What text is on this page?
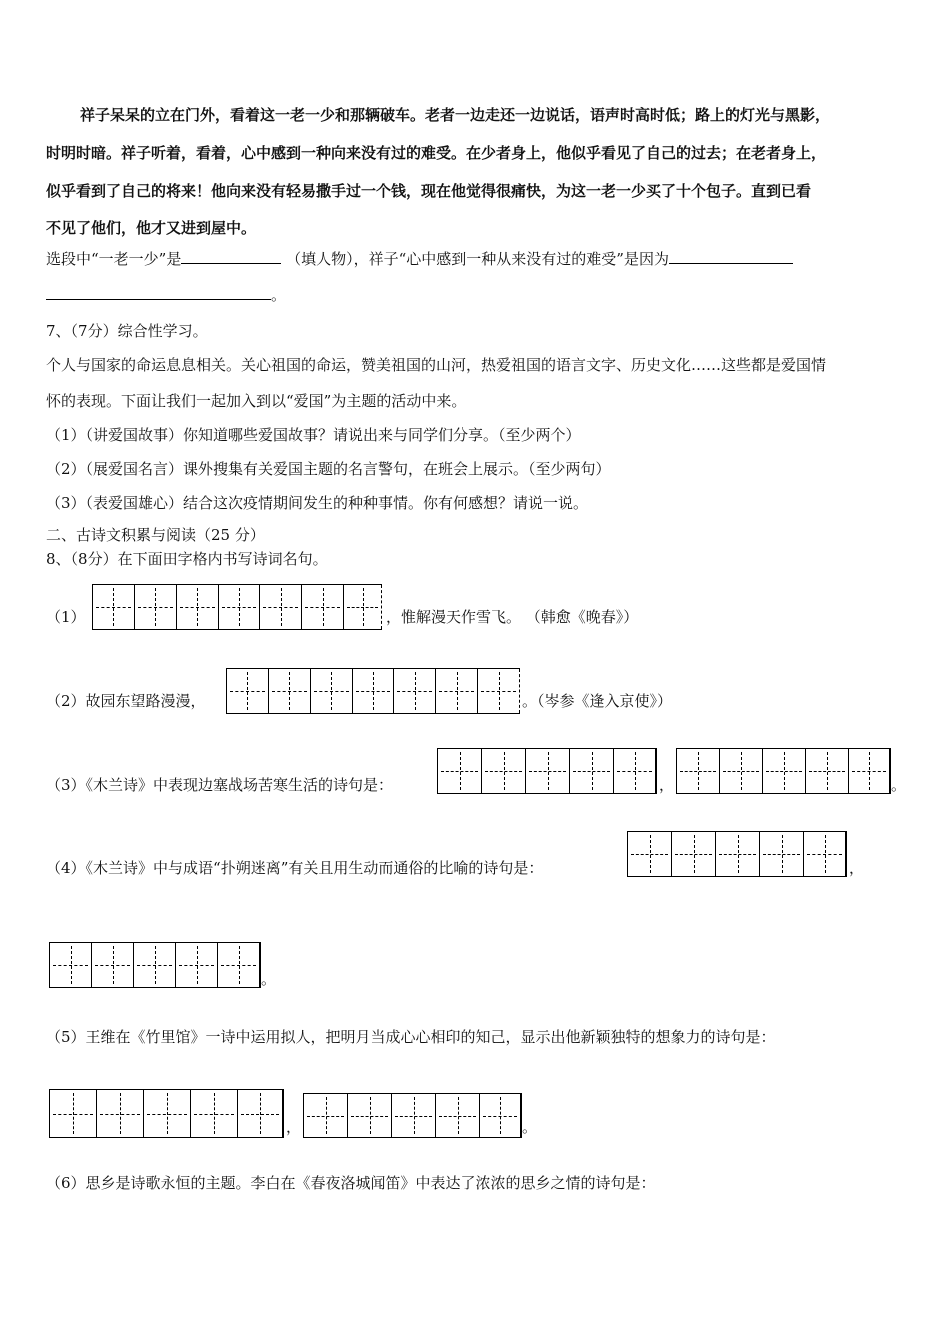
祥子呆呆的立在门外，看着这一老一少和那辆破车。老者一边走还一边说话，语声时高时低；路上的灯光与黑影，
时明时暗。祥子听着，看着，心中感到一种向来没有过的难受。在少者身上，他似乎看见了自己的过去；在老者身上，
似乎看到了自己的将来！他向来没有轻易撒手过一个钱，现在他觉得很痛快，为这一老一少买了十个包子。直到已看
不见了他们，他才又进到屋中。
选段中“一老一少”是	（填人物），祥子“心中感到一种从来没有过的难受”是因为
。
7、（7分）综合性学习。
个人与国家的命运息息相关。关心祖国的命运，赞美祖国的山河，热爱祖国的语言文字、历史文化……这些都是爱国情
怀的表现。下面让我们一起加入到以“爱国”为主题的活动中来。
（1）（讲爱国故事）你知道哪些爱国故事？请说出来与同学们分享。（至少两个）
（2）（展爱国名言）课外搜集有关爱国主题的名言警句，在班会上展示。（至少两句）
（3）（表爱国雄心）结合这次疫情期间发生的种种事情。你有何感想？请说一说。
二、古诗文积累与阅读（25 分）
8、（8分）在下面田字格内书写诗词名句。
（1）	，惟解漫天作雪飞。 （韩愈《晚春》）
（2）故园东望路漫漫，	。（岑参《逢入京使》）
（3）《木兰诗》中表现边塞战场苦寒生活的诗句是：	，	。
（4）《木兰诗》中与成语“扑朔迷离”有关且用生动而通俗的比喻的诗句是：	，
。
（5）王维在《竹里馆》一诗中运用拟人，把明月当成心心相印的知己，显示出他新颖独特的想象力的诗句是：
，	。
（6）思乡是诗歌永恒的主题。李白在《春夜洛城闻笛》中表达了浓浓的思乡之情的诗句是：
